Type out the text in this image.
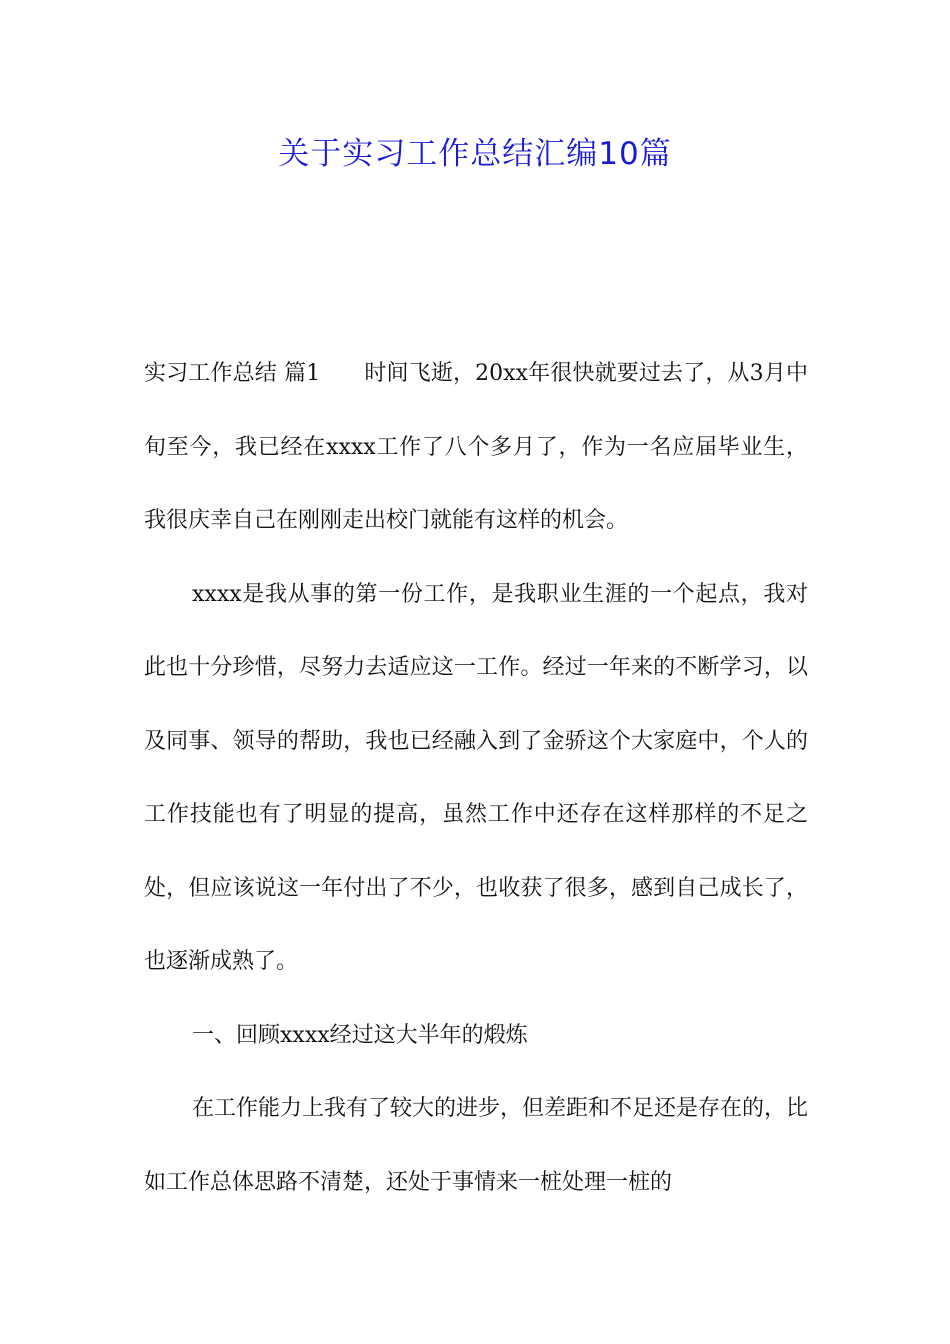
关于实习工作总结汇编10篇

实习工作总结 篇1 时间飞逝，20xx年很快就要过去了，从3月中旬至今，我已经在xxxx工作了八个多月了，作为一名应届毕业生，我很庆幸自己在刚刚走出校门就能有这样的机会。

xxxx是我从事的第一份工作，是我职业生涯的一个起点，我对此也十分珍惜，尽努力去适应这一工作。经过一年来的不断学习，以及同事、领导的帮助，我也已经融入到了金骄这个大家庭中，个人的工作技能也有了明显的提高，虽然工作中还存在这样那样的不足之处，但应该说这一年付出了不少，也收获了很多，感到自己成长了，也逐渐成熟了。

一、回顾xxxx经过这大半年的煅炼

在工作能力上我有了较大的进步，但差距和不足还是存在的，比如工作总体思路不清楚，还处于事情来一桩处理一桩的
